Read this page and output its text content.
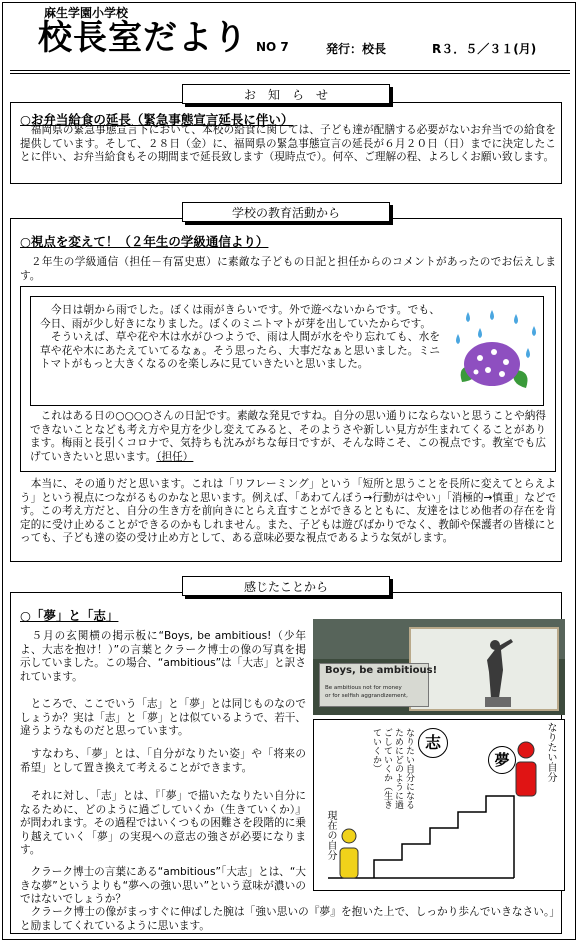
麻生学園小学校
校長室だより NO 7	発行：校長	R３．５／３１(月)
お　知　ら　せ
○お弁当給食の延長（緊急事態宣言延長に伴い）
　福岡県の緊急事態宣言下において、本校の給食に関しては、子ども達が配膳する必要がないお弁当での給食を提供しています。そして、２８日（金）に、福岡県の緊急事態宣言の延長が６月２０日（日）までに決定したことに伴い、お弁当給食もその期間まで延長致します（現時点で）。何卒、ご理解の程、よろしくお願い致します。
学校の教育活動から
○視点を変えて！（２年生の学級通信より）
　２年生の学級通信（担任－有冨史恵）に素敵な子どもの日記と担任からのコメントがあったのでお伝えします。
　今日は朝から雨でした。ぼくは雨がきらいです。外で遊べないからです。でも、今日、雨が少し好きになりました。ぼくのミニトマトが芽を出していたからです。
　そういえば、草や花や木は水がひつようで、雨は人間が水をやり忘れても、水を草や花や木にあたえていてるなぁ。そう思ったら、大事だなぁと思いました。ミニトマトがもっと大きくなるのを楽しみに見ていきたいと思いました。
　これはある日の○○○○さんの日記です。素敵な発見ですね。自分の思い通りにならないと思うことや納得できないことなども考え方や見方を少し変えてみると、そのようさや新しい見方が生まれてくることがあります。梅雨と長引くコロナで、気持ちも沈みがちな毎日ですが、そんな時こそ、この視点です。教室でも広げていきたいと思います。（担任）
　本当に、その通りだと思います。これは「リフレーミング」という「短所と思うことを長所に変えてとらえよう」という視点につながるものかなと思います。例えば、「あわてんぼう→行動がはやい」「消極的→慎重」などです。この考え方だと、自分の生き方を前向きにとらえ直すことができるとともに、友達をはじめ他者の存在を肯定的に受け止めることができるのかもしれません。また、子どもは遊びばかりでなく、教師や保護者の皆様にとっても、子ども達の姿の受け止め方として、ある意味必要な視点であるような気がします。
感じたことから
○「夢」と「志」
　５月の玄関横の掲示板に“Boys, be ambitious!（少年よ、大志を抱け！）”の言葉とクラーク博士の像の写真を掲示していました。この場合、“ambitious”は「大志」と訳されています。
　ところで、ここでいう「志」と「夢」とは同じものなのでしょうか？実は「志」と「夢」とは似ているようで、若干、違うようなものだと思っています。
　すなわち、「夢」とは、「自分がなりたい姿」や「将来の希望」として置き換えて考えることができます。
　それに対し、「志」とは、『「夢」で描いたなりたい自分になるために、どのように過ごしていくか（生きていくか）』が問われます。その過程ではいくつもの困難さを段階的に乗り越えていく「夢」の実現への意志の強さが必要になります。
　クラーク博士の言葉にある“ambitious”「大志」とは、“大きな夢”というよりも“夢への強い思い”という意味が濃いのではないでしょうか？
　クラーク博士の像がまっすぐに伸ばした腕は「強い思いの『夢』を抱いた上で、しっかり歩んでいきなさい。」と励ましてくれているように思います。
Boys, be ambitious!
Be ambitious not for money
or for selfish aggrandizement,
志
夢	なりたい自分
現在の自分
なりたい自分になるためにどのように過ごしていくか（生きていくか）
